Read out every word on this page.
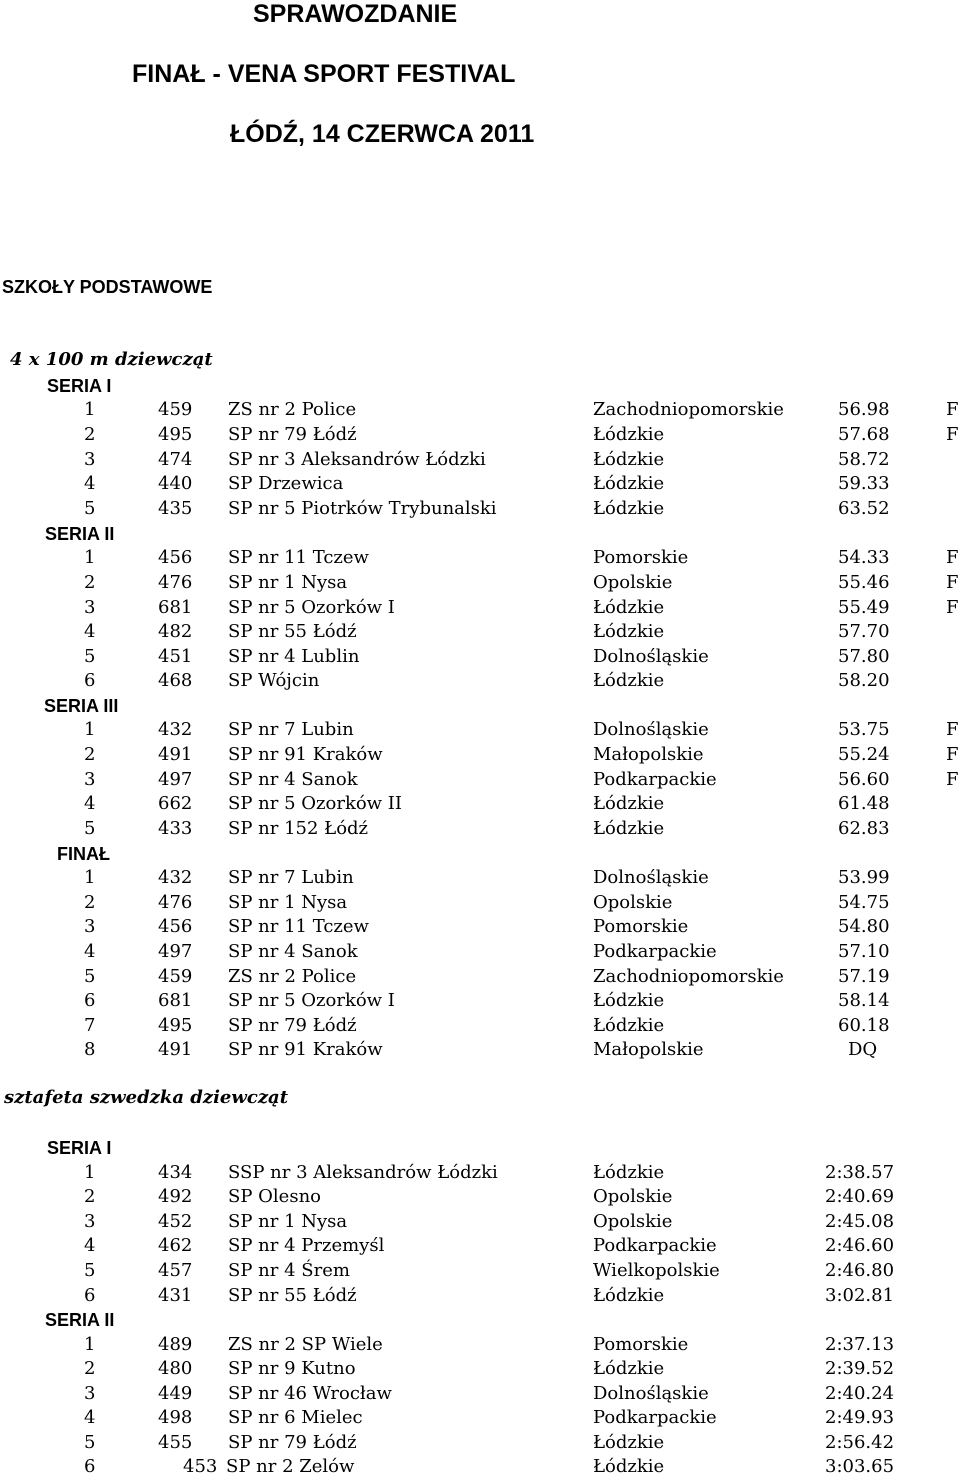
SPRAWOZDANIE
FINAŁ - VENA SPORT FESTIVAL
ŁÓDŹ, 14 CZERWCA 2011
SZKOŁY PODSTAWOWE
4 x 100 m dziewcząt
SERIA I
1	459 ZS nr 2 Police	Zachodniopomorskie	56.98	F
2	495 SP nr 79 Łódź	Łódzkie	57.68	F
3	474 SP nr 3 Aleksandrów Łódzki	Łódzkie	58.72
4	440 SP Drzewica	Łódzkie	59.33
5	435 SP nr 5 Piotrków Trybunalski	Łódzkie	63.52
SERIA II
1	456 SP nr 11 Tczew	Pomorskie	54.33	F
2	476 SP nr 1 Nysa	Opolskie	55.46	F
3	681 SP nr 5 Ozorków I	Łódzkie	55.49	F
4	482 SP nr 55 Łódź	Łódzkie	57.70
5	451 SP nr 4 Lublin	Dolnośląskie	57.80
6	468 SP Wójcin	Łódzkie	58.20
SERIA III
1	432 SP nr 7 Lubin	Dolnośląskie	53.75	F
2	491 SP nr 91 Kraków	Małopolskie	55.24	F
3	497 SP nr 4 Sanok	Podkarpackie	56.60	F
4	662 SP nr 5 Ozorków II	Łódzkie	61.48
5	433 SP nr 152 Łódź	Łódzkie	62.83
FINAŁ
1	432 SP nr 7 Lubin	Dolnośląskie	53.99
2	476 SP nr 1 Nysa	Opolskie	54.75
3	456 SP nr 11 Tczew	Pomorskie	54.80
4	497 SP nr 4 Sanok	Podkarpackie	57.10
5	459 ZS nr 2 Police	Zachodniopomorskie	57.19
6	681 SP nr 5 Ozorków I	Łódzkie	58.14
7	495 SP nr 79 Łódź	Łódzkie	60.18
8	491 SP nr 91 Kraków	Małopolskie	DQ
sztafeta szwedzka dziewcząt
SERIA I
1	434 SSP nr 3 Aleksandrów Łódzki	Łódzkie	2:38.57
2	492 SP Olesno	Opolskie	2:40.69
3	452 SP nr 1 Nysa	Opolskie	2:45.08
4	462 SP nr 4 Przemyśl	Podkarpackie	2:46.60
5	457 SP nr 4 Śrem	Wielkopolskie	2:46.80
6	431 SP nr 55 Łódź	Łódzkie	3:02.81
SERIA II
1	489 ZS nr 2 SP Wiele	Pomorskie	2:37.13
2	480 SP nr 9 Kutno	Łódzkie	2:39.52
3	449 SP nr 46 Wrocław	Dolnośląskie	2:40.24
4	498 SP nr 6 Mielec	Podkarpackie	2:49.93
5	455 SP nr 79 Łódź	Łódzkie	2:56.42
6	453 SP nr 2 Zelów	Łódzkie	3:03.65
